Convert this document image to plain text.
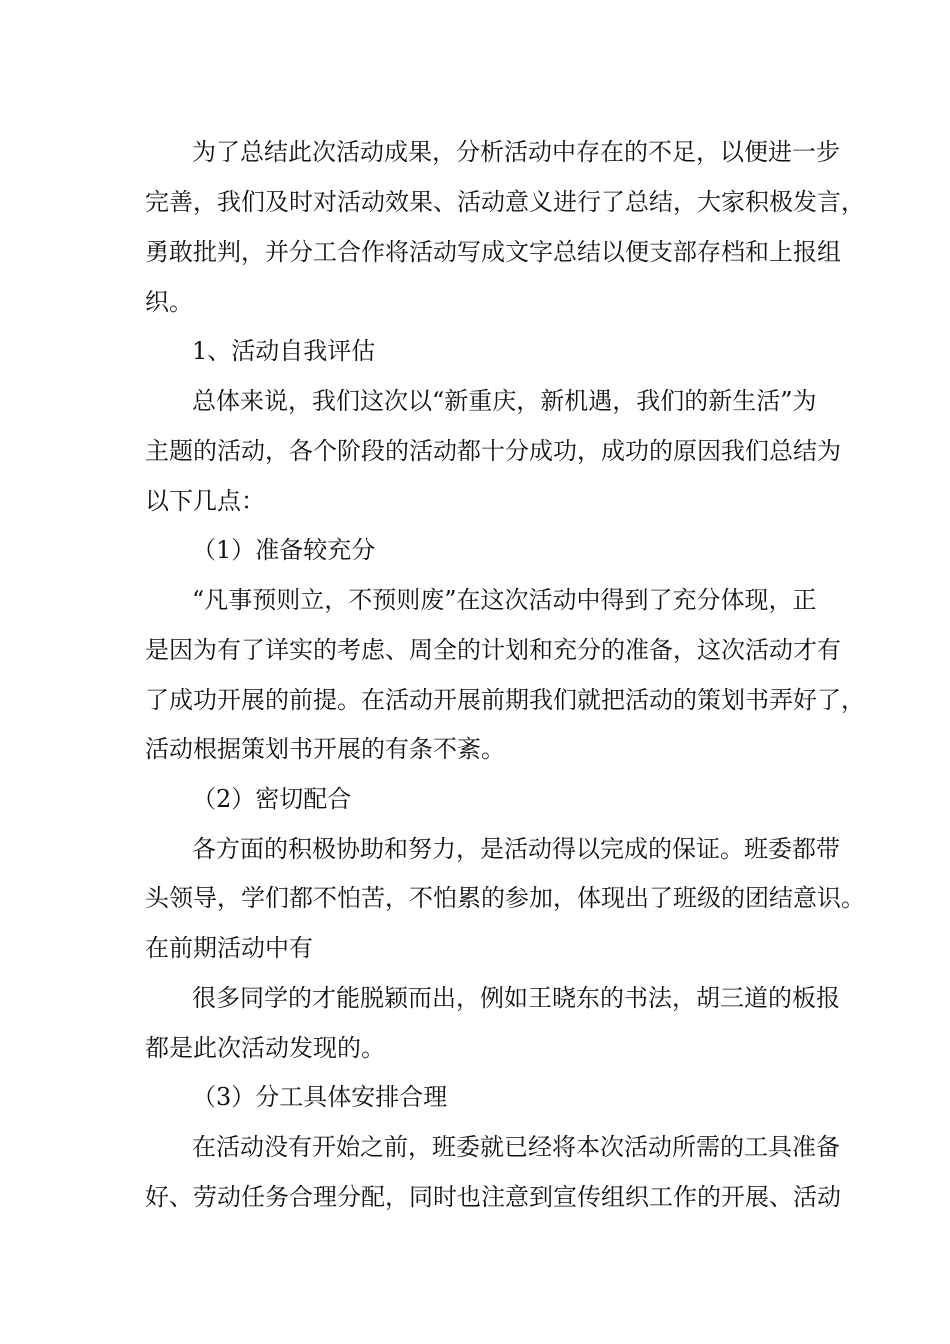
为了总结此次活动成果，分析活动中存在的不足，以便进一步
完善，我们及时对活动效果、活动意义进行了总结，大家积极发言，
勇敢批判，并分工合作将活动写成文字总结以便支部存档和上报组
织。
1、活动自我评估
总体来说，我们这次以“新重庆，新机遇，我们的新生活”为
主题的活动，各个阶段的活动都十分成功，成功的原因我们总结为
以下几点：
（1）准备较充分
“凡事预则立，不预则废”在这次活动中得到了充分体现，正
是因为有了详实的考虑、周全的计划和充分的准备，这次活动才有
了成功开展的前提。在活动开展前期我们就把活动的策划书弄好了，
活动根据策划书开展的有条不紊。
（2）密切配合
各方面的积极协助和努力，是活动得以完成的保证。班委都带
头领导，学们都不怕苦，不怕累的参加，体现出了班级的团结意识。
在前期活动中有
很多同学的才能脱颖而出，例如王晓东的书法，胡三道的板报
都是此次活动发现的。
（3）分工具体安排合理
在活动没有开始之前，班委就已经将本次活动所需的工具准备
好、劳动任务合理分配，同时也注意到宣传组织工作的开展、活动
